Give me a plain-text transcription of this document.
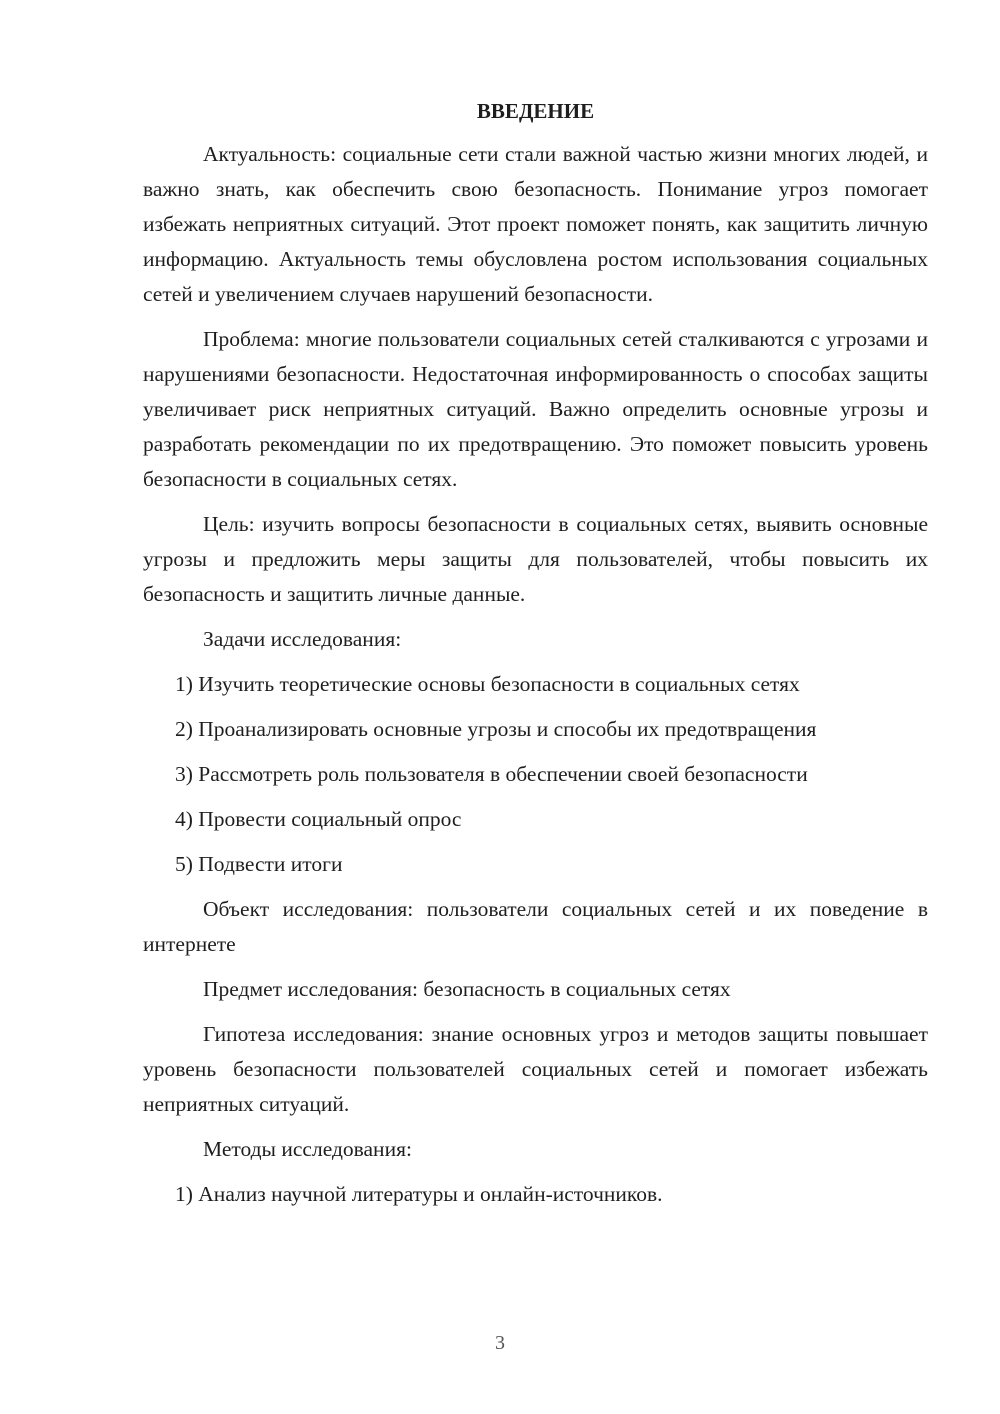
ВВЕДЕНИЕ

Актуальность: социальные сети стали важной частью жизни многих людей, и важно знать, как обеспечить свою безопасность. Понимание угроз помогает избежать неприятных ситуаций. Этот проект поможет понять, как защитить личную информацию. Актуальность темы обусловлена ростом использования социальных сетей и увеличением случаев нарушений безопасности.

Проблема: многие пользователи социальных сетей сталкиваются с угрозами и нарушениями безопасности. Недостаточная информированность о способах защиты увеличивает риск неприятных ситуаций. Важно определить основные угрозы и разработать рекомендации по их предотвращению. Это поможет повысить уровень безопасности в социальных сетях.

Цель: изучить вопросы безопасности в социальных сетях, выявить основные угрозы и предложить меры защиты для пользователей, чтобы повысить их безопасность и защитить личные данные.

Задачи исследования:

1) Изучить теоретические основы безопасности в социальных сетях
2) Проанализировать основные угрозы и способы их предотвращения
3) Рассмотреть роль пользователя в обеспечении своей безопасности
4) Провести социальный опрос
5) Подвести итоги

Объект исследования: пользователи социальных сетей и их поведение в интернете

Предмет исследования: безопасность в социальных сетях

Гипотеза исследования: знание основных угроз и методов защиты повышает уровень безопасности пользователей социальных сетей и помогает избежать неприятных ситуаций.

Методы исследования:

1) Анализ научной литературы и онлайн-источников.
3
